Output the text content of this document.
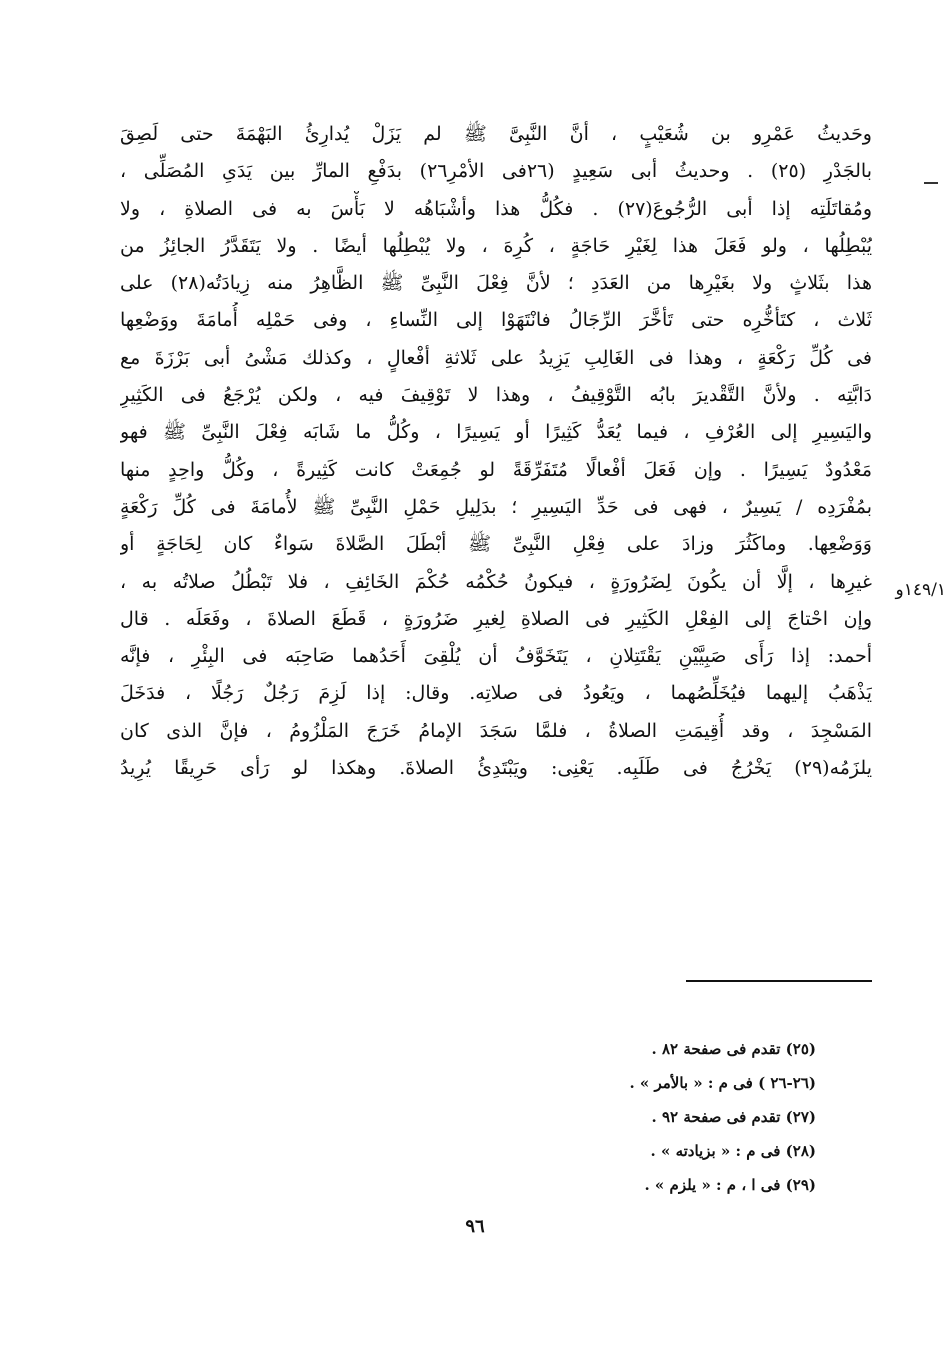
وحَديثُ عَمْرِو بن شُعَيْبٍ ، أنَّ النَّبِىَّ ﷺ لم يَزَلْ يُدارِئُ البَهْمَةَ حتى لَصِقَ
بالجَدْرِ (٢٥) . وحديثُ أبى سَعِيدٍ (٢٦فى الأمْرِ٢٦) بدَفْعِ المارِّ بين يَدَىِ المُصَلِّى ،
ومُقاتَلَتِه إذا أبى الرُّجُوعَ(٢٧) . فكُلُّ هذا وأشْبَاهُه لا بَأْسَ به فى الصلاةِ ، ولا
يُبْطِلُها ، ولو فَعَلَ هذا لِغَيْرِ حَاجَةٍ ، كُرِهَ ، ولا يُبْطِلُها أيضًا . ولا يَتَقَدَّرُ الجائِزُ من
هذا بثَلاثٍ ولا بغَيْرِها من العَدَدِ ؛ لأنَّ فِعْلَ النَّبِىِّ ﷺ الظَّاهِرُ منه زِيادَتُه(٢٨) على
ثَلاث ، كتَأخُّرِه حتى تَأخَّرَ الرِّجَالُ فانْتَهَوْا إلى النِّساءِ ، وفى حَمْلِه أُمامَةَ ووَضْعِها
فى كُلِّ رَكْعَةٍ ، وهذا فى الغَالِبِ يَزِيدُ على ثَلاثةِ أفْعالٍ ، وكذلك مَشْىُ أبى بَرْزَةَ مع
دَابَّتِه . ولأنَّ التَّقْديرَ بابُه التَّوْقِيفُ ، وهذا لا تَوْقِيفَ فيه ، ولكن يُرْجَعُ فى الكَثِيرِ
واليَسِيرِ إلى العُرْفِ ، فيما يُعَدُّ كَثِيرًا أو يَسِيرًا ، وكُلُّ ما شَابَه فِعْلَ النَّبِىِّ ﷺ فهو
مَعْدُودٌ يَسِيرًا . وإن فَعَلَ أفْعالًا مُتَفَرِّقَةً لو جُمِعَتْ كانت كَثِيرةً ، وكُلُّ واحِدٍ منها
بمُفْرَدِه / يَسِيرٌ ، فهى فى حَدِّ اليَسِيرِ ؛ بدَلِيلِ حَمْلِ النَّبِىِّ ﷺ لأُمامَةَ فى كُلِّ رَكْعَةٍ
وَوَضْعِها. وماكَثُرَ وزادَ على فِعْلِ النَّبِىِّ ﷺ أبْطَلَ الصَّلاةَ سَواءٌ كان لِحَاجَةٍ أو
غيرِها ، إلَّا أن يكُونَ لِضَرُورَةٍ ، فيكونُ حُكْمُه حُكْمَ الخَائِفِ ، فلا تَبْطُلُ صلاتُه به ،
وإن احْتاجَ إلى الفِعْلِ الكَثِيرِ فى الصلاةِ لِغيرِ ضَرُورَةٍ ، قَطَعَ الصلاةَ ، وفَعَلَه . قال
أحمد: إذا رَأَى صَبِيَّيْنِ يَقْتَتِلانِ ، يَتَخَوَّفُ أن يُلْقِىَ أَحَدُهما صَاحِبَه فى البِئْرِ ، فإنَّه
يَذْهَبُ إليهما فيُخَلِّصُهما ، ويَعُودُ فى صلاتِه. وقال: إذا لَزِمَ رَجُلٌ رَجُلًا ، فدَخَلَ
المَسْجِدَ ، وقد أُقِيمَتِ الصلاةُ ، فلمَّا سَجَدَ الإمامُ خَرَجَ المَلْزُومُ ، فإنَّ الذى كان
يلزَمُه(٢٩) يَخْرُجُ فى طَلَبِه. يَعْنِى: ويَبْتَدِئُ الصلاةَ. وهكذا لو رَأى حَرِيقًا يُرِيدُ
١٤٩/١و
(٢٥) تقدم فى صفحة ٨٢ .
(٢٦-٢٦ ) فى م : « بالأمر » .
(٢٧) تقدم فى صفحة ٩٢ .
(٢٨) فى م : « بزيادته » .
(٢٩) فى ا ، م : « يلزم » .
٩٦
